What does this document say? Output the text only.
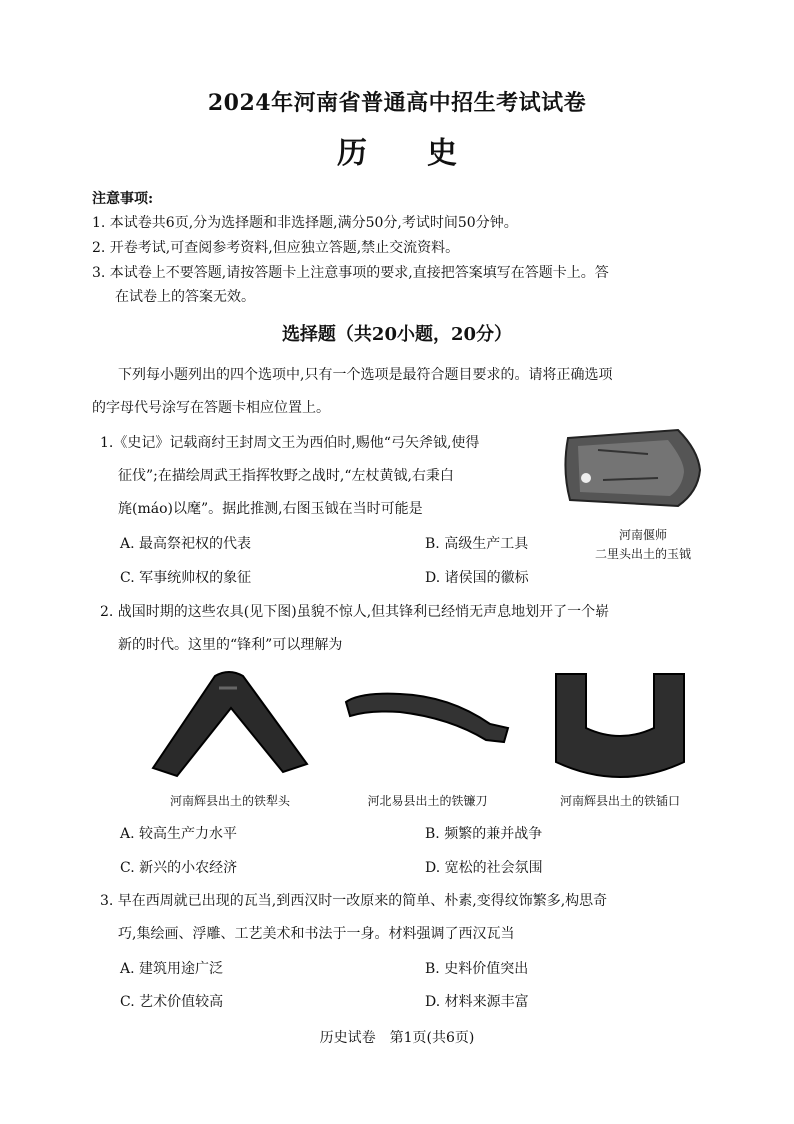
2024年河南省普通高中招生考试试卷
历史
注意事项:
1. 本试卷共6页,分为选择题和非选择题,满分50分,考试时间50分钟。
2. 开卷考试,可查阅参考资料,但应独立答题,禁止交流资料。
3. 本试卷上不要答题,请按答题卡上注意事项的要求,直接把答案填写在答题卡上。答
在试卷上的答案无效。
选择题（共20小题，20分）
下列每小题列出的四个选项中,只有一个选项是最符合题目要求的。请将正确选项
的字母代号涂写在答题卡相应位置上。
1.《史记》记载商纣王封周文王为西伯时,赐他“弓矢斧钺,使得
征伐”;在描绘周武王指挥牧野之战时,“左杖黄钺,右秉白
旄(máo)以麾”。据此推测,右图玉钺在当时可能是
河南偃师
二里头出土的玉钺
A. 最高祭祀权的代表	B. 高级生产工具
C. 军事统帅权的象征	D. 诸侯国的徽标
2. 战国时期的这些农具(见下图)虽貌不惊人,但其锋利已经悄无声息地划开了一个崭
新的时代。这里的“锋利”可以理解为
河南辉县出土的铁犁头	河北易县出土的铁镰刀	河南辉县出土的铁锸口
A. 较高生产力水平	B. 频繁的兼并战争
C. 新兴的小农经济	D. 宽松的社会氛围
3. 早在西周就已出现的瓦当,到西汉时一改原来的简单、朴素,变得纹饰繁多,构思奇
巧,集绘画、浮雕、工艺美术和书法于一身。材料强调了西汉瓦当
A. 建筑用途广泛	B. 史料价值突出
C. 艺术价值较高	D. 材料来源丰富
历史试卷　第1页(共6页)
